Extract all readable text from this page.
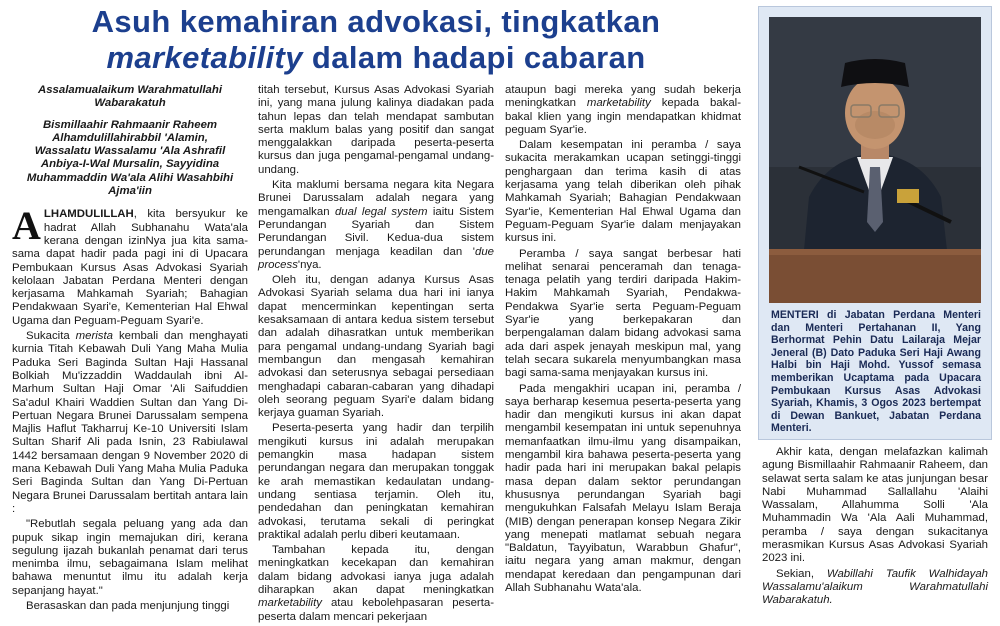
Asuh kemahiran advokasi, tingkatkan
marketability dalam hadapi cabaran

Assalamualaikum Warahmatullahi Wabarakatuh

Bismillaahir Rahmaanir Raheem Alhamdulillahirabbil 'Alamin, Wassalatu Wassalamu 'Ala Ashrafil Anbiya-I-Wal Mursalin, Sayyidina Muhammaddin Wa'ala Alihi Wasahbihi Ajma'iin

ALHAMDULILLAH, kita bersyukur ke hadrat Allah Subhanahu Wata'ala kerana dengan izinNya jua kita sama-sama dapat hadir pada pagi ini di Upacara Pembukaan Kursus Asas Advokasi Syariah kelolaan Jabatan Perdana Menteri dengan kerjasama Mahkamah Syariah; Bahagian Pendakwaan Syari'e, Kementerian Hal Ehwal Ugama dan Peguam-Peguam Syari'e.

Sukacita merista kembali dan menghayati kurnia Titah Kebawah Duli Yang Maha Mulia Paduka Seri Baginda Sultan Haji Hassanal Bolkiah Mu'izzaddin Waddaulah ibni Al-Marhum Sultan Haji Omar 'Ali Saifuddien Sa'adul Khairi Waddien Sultan dan Yang Di-Pertuan Negara Brunei Darussalam sempena Majlis Haflut Takharruj Ke-10 Universiti Islam Sultan Sharif Ali pada Isnin, 23 Rabiulawal 1442 bersamaan dengan 9 November 2020 di mana Kebawah Duli Yang Maha Mulia Paduka Seri Baginda Sultan dan Yang Di-Pertuan Negara Brunei Darussalam bertitah antara lain :

"Rebutlah segala peluang yang ada dan pupuk sikap ingin memajukan diri, kerana segulung ijazah bukanlah penamat dari terus menimba ilmu, sebagaimana Islam melihat bahawa menuntut ilmu itu adalah kerja sepanjang hayat."

Berasaskan dan pada menjunjung tinggi

titah tersebut, Kursus Asas Advokasi Syariah ini, yang mana julung kalinya diadakan pada tahun lepas dan telah mendapat sambutan serta maklum balas yang positif dan sangat menggalakkan daripada peserta-peserta kursus dan juga pengamal-pengamal undang-undang.

Kita maklumi bersama negara kita Negara Brunei Darussalam adalah negara yang mengamalkan dual legal system iaitu Sistem Perundangan Syariah dan Sistem Perundangan Sivil. Kedua-dua sistem perundangan menjaga keadilan dan 'due process'nya.

Oleh itu, dengan adanya Kursus Asas Advokasi Syariah selama dua hari ini ianya dapat mencerminkan kepentingan serta kesaksamaan di antara kedua sistem tersebut dan adalah dihasratkan untuk memberikan para pengamal undang-undang Syariah bagi membangun dan mengasah kemahiran advokasi dan seterusnya sebagai persediaan menghadapi cabaran-cabaran yang dihadapi oleh seorang peguam Syari'e dalam bidang kerjaya guaman Syariah.

Peserta-peserta yang hadir dan terpilih mengikuti kursus ini adalah merupakan pemangkin masa hadapan sistem perundangan negara dan merupakan tonggak ke arah memastikan kedaulatan undang-undang sentiasa terjamin. Oleh itu, pendedahan dan peningkatan kemahiran advokasi, terutama sekali di peringkat praktikal adalah perlu diberi keutamaan.

Tambahan kepada itu, dengan meningkatkan kecekapan dan kemahiran dalam bidang advokasi ianya juga adalah diharapkan akan dapat meningkatkan marketability atau kebolehpasaran peserta-peserta dalam mencari pekerjaan

ataupun bagi mereka yang sudah bekerja meningkatkan marketability kepada bakal-bakal klien yang ingin mendapatkan khidmat peguam Syar'ie.

Dalam kesempatan ini peramba / saya sukacita merakamkan ucapan setinggi-tinggi penghargaan dan terima kasih di atas kerjasama yang telah diberikan oleh pihak Mahkamah Syariah; Bahagian Pendakwaan Syar'ie, Kementerian Hal Ehwal Ugama dan Peguam-Peguam Syar'ie dalam menjayakan kursus ini.

Peramba / saya sangat berbesar hati melihat senarai penceramah dan tenaga-tenaga pelatih yang terdiri daripada Hakim-Hakim Mahkamah Syariah, Pendakwa-Pendakwa Syar'ie serta Peguam-Peguam Syar'ie yang berkepakaran dan berpengalaman dalam bidang advokasi sama ada dari aspek jenayah meskipun mal, yang telah secara sukarela menyumbangkan masa bagi sama-sama menjayakan kursus ini.

Pada mengakhiri ucapan ini, peramba / saya berharap kesemua peserta-peserta yang hadir dan mengikuti kursus ini akan dapat mengambil kesempatan ini untuk sepenuhnya memanfaatkan ilmu-ilmu yang disampaikan, mengambil kira bahawa peserta-peserta yang hadir pada hari ini merupakan bakal pelapis masa depan dalam sektor perundangan khususnya perundangan Syariah bagi mengukuhkan Falsafah Melayu Islam Beraja (MIB) dengan penerapan konsep Negara Zikir yang menepati matlamat sebuah negara "Baldatun, Tayyibatun, Warabbun Ghafur", iaitu negara yang aman makmur, dengan mendapat keredaan dan pengampunan dari Allah Subhanahu Wata'ala.

MENTERI di Jabatan Perdana Menteri dan Menteri Pertahanan II, Yang Berhormat Pehin Datu Lailaraja Mejar Jeneral (B) Dato Paduka Seri Haji Awang Halbi bin Haji Mohd. Yussof semasa memberikan Ucaptama pada Upacara Pembukaan Kursus Asas Advokasi Syariah, Khamis, 3 Ogos 2023 bertempat di Dewan Bankuet, Jabatan Perdana Menteri.

Akhir kata, dengan melafazkan kalimah agung Bismillaahir Rahmaanir Raheem, dan selawat serta salam ke atas junjungan besar Nabi Muhammad Sallallahu 'Alaihi Wassalam, Allahumma Solli 'Ala Muhammadin Wa 'Ala Aali Muhammad, peramba / saya dengan sukacitanya merasmikan Kursus Asas Advokasi Syariah 2023 ini.

Sekian, Wabillahi Taufik Walhidayah Wassalamu'alaikum Warahmatullahi Wabarakatuh.
